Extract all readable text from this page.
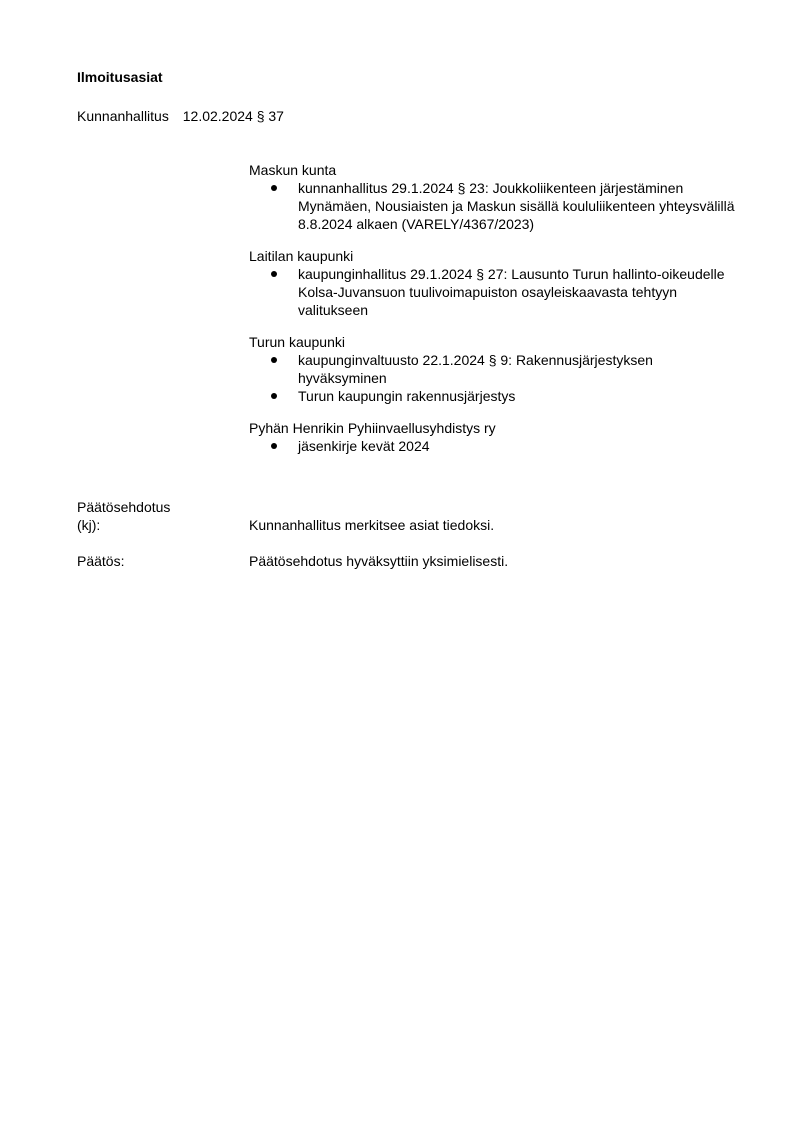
Ilmoitusasiat
Kunnanhallitus 12.02.2024 § 37

Maskun kunta

kunnanhallitus 29.1.2024 § 23: Joukkoliikenteen järjestäminen Mynämäen, Nousiaisten ja Maskun sisällä koululiikenteen yhteysvälillä 8.8.2024 alkaen (VARELY/4367/2023)

Laitilan kaupunki

kaupunginhallitus 29.1.2024 § 27: Lausunto Turun hallinto-oikeudelle Kolsa-Juvansuon tuulivoimapuiston osayleiskaavasta tehtyyn valitukseen

Turun kaupunki

kaupunginvaltuusto 22.1.2024 § 9: Rakennusjärjestyksen hyväksyminen
Turun kaupungin rakennusjärjestys

Pyhän Henrikin Pyhiinvaellusyhdistys ry

jäsenkirje kevät 2024
Päätösehdotus
(kj):	Kunnanhallitus merkitsee asiat tiedoksi.
Päätös:	Päätösehdotus hyväksyttiin yksimielisesti.
